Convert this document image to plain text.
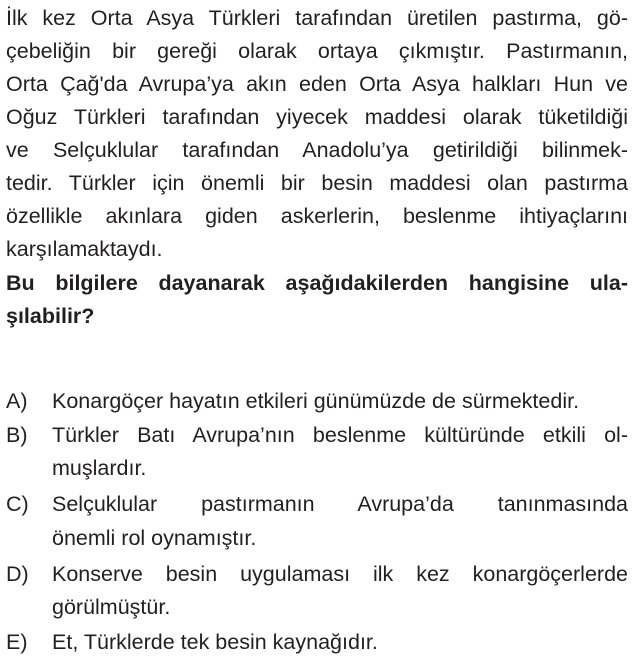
İlk kez Orta Asya Türkleri tarafından üretilen pastırma, gö-
çebeliğin bir gereği olarak ortaya çıkmıştır. Pastırmanın,
Orta Çağ'da Avrupa’ya akın eden Orta Asya halkları Hun ve
Oğuz Türkleri tarafından yiyecek maddesi olarak tüketildiği
ve Selçuklular tarafından Anadolu’ya getirildiği bilinmek-
tedir. Türkler için önemli bir besin maddesi olan pastırma
özellikle akınlara giden askerlerin, beslenme ihtiyaçlarını
karşılamaktaydı.
Bu bilgilere dayanarak aşağıdakilerden hangisine ula-
şılabilir?
A) Konargöçer hayatın etkileri günümüzde de sürmektedir.
B) Türkler Batı Avrupa’nın beslenme kültüründe etkili ol-
muşlardır.
C) Selçuklular pastırmanın Avrupa’da tanınmasında
önemli rol oynamıştır.
D) Konserve besin uygulaması ilk kez konargöçerlerde
görülmüştür.
E) Et, Türklerde tek besin kaynağıdır.
